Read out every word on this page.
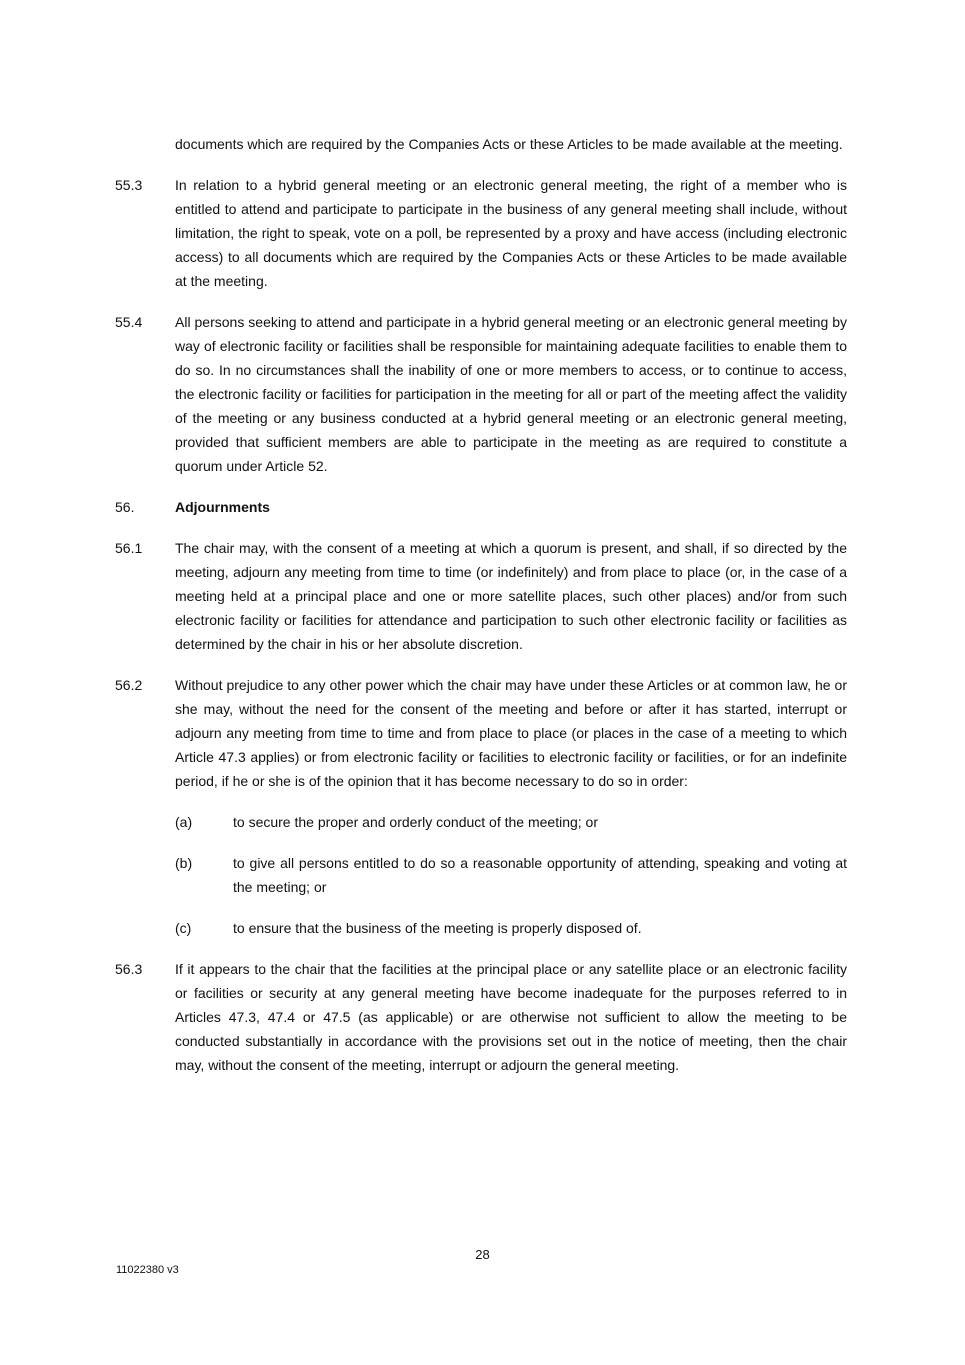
documents which are required by the Companies Acts or these Articles to be made available at the meeting.

55.3	In relation to a hybrid general meeting or an electronic general meeting, the right of a member who is entitled to attend and participate to participate in the business of any general meeting shall include, without limitation, the right to speak, vote on a poll, be represented by a proxy and have access (including electronic access) to all documents which are required by the Companies Acts or these Articles to be made available at the meeting.

55.4	All persons seeking to attend and participate in a hybrid general meeting or an electronic general meeting by way of electronic facility or facilities shall be responsible for maintaining adequate facilities to enable them to do so. In no circumstances shall the inability of one or more members to access, or to continue to access, the electronic facility or facilities for participation in the meeting for all or part of the meeting affect the validity of the meeting or any business conducted at a hybrid general meeting or an electronic general meeting, provided that sufficient members are able to participate in the meeting as are required to constitute a quorum under Article 52.

56.	Adjournments

56.1	The chair may, with the consent of a meeting at which a quorum is present, and shall, if so directed by the meeting, adjourn any meeting from time to time (or indefinitely) and from place to place (or, in the case of a meeting held at a principal place and one or more satellite places, such other places) and/or from such electronic facility or facilities for attendance and participation to such other electronic facility or facilities as determined by the chair in his or her absolute discretion.

56.2	Without prejudice to any other power which the chair may have under these Articles or at common law, he or she may, without the need for the consent of the meeting and before or after it has started, interrupt or adjourn any meeting from time to time and from place to place (or places in the case of a meeting to which Article 47.3 applies) or from electronic facility or facilities to electronic facility or facilities, or for an indefinite period, if he or she is of the opinion that it has become necessary to do so in order:

(a)	to secure the proper and orderly conduct of the meeting; or

(b)	to give all persons entitled to do so a reasonable opportunity of attending, speaking and voting at the meeting; or

(c)	to ensure that the business of the meeting is properly disposed of.

56.3	If it appears to the chair that the facilities at the principal place or any satellite place or an electronic facility or facilities or security at any general meeting have become inadequate for the purposes referred to in Articles 47.3, 47.4 or 47.5 (as applicable) or are otherwise not sufficient to allow the meeting to be conducted substantially in accordance with the provisions set out in the notice of meeting, then the chair may, without the consent of the meeting, interrupt or adjourn the general meeting.

28
11022380 v3
